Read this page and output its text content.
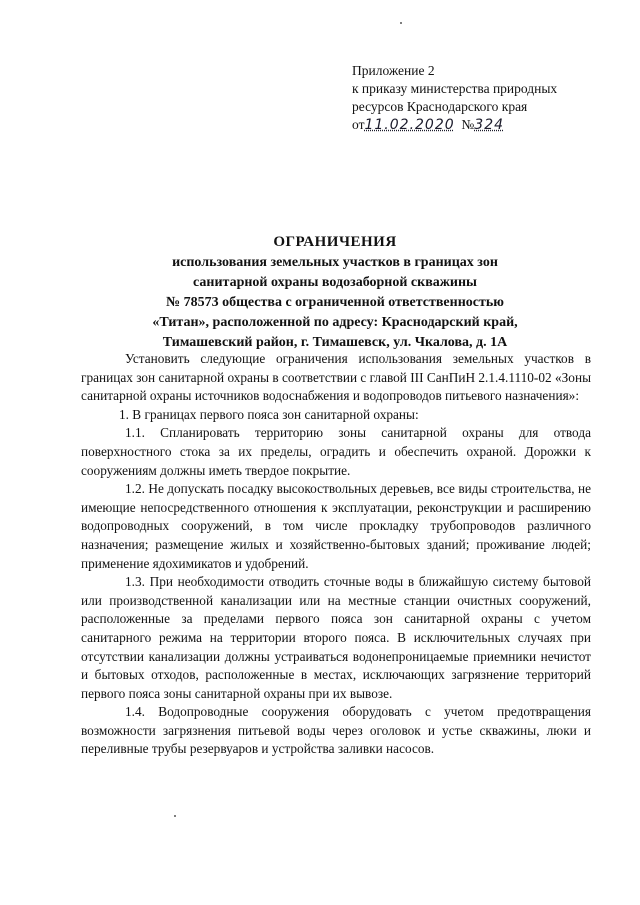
Приложение 2
к приказу министерства природных
ресурсов Краснодарского края
от11.02.2020 №324
ОГРАНИЧЕНИЯ
использования земельных участков в границах зон
санитарной охраны водозаборной скважины
№ 78573 общества с ограниченной ответственностью
«Титан», расположенной по адресу: Краснодарский край,
Тимашевский район, г. Тимашевск, ул. Чкалова, д. 1А

Установить следующие ограничения использования земельных участков в границах зон санитарной охраны в соответствии с главой III СанПиН 2.1.4.1110-02 «Зоны санитарной охраны источников водоснабжения и водопроводов питьевого назначения»:

1. В границах первого пояса зон санитарной охраны:

1.1. Спланировать территорию зоны санитарной охраны для отвода поверхностного стока за их пределы, оградить и обеспечить охраной. Дорожки к сооружениям должны иметь твердое покрытие.

1.2. Не допускать посадку высокоствольных деревьев, все виды строительства, не имеющие непосредственного отношения к эксплуатации, реконструкции и расширению водопроводных сооружений, в том числе прокладку трубопроводов различного назначения; размещение жилых и хозяйственно-бытовых зданий; проживание людей; применение ядохимикатов и удобрений.

1.3. При необходимости отводить сточные воды в ближайшую систему бытовой или производственной канализации или на местные станции очистных сооружений, расположенные за пределами первого пояса зон санитарной охраны с учетом санитарного режима на территории второго пояса. В исключительных случаях при отсутствии канализации должны устраиваться водонепроницаемые приемники нечистот и бытовых отходов, расположенные в местах, исключающих загрязнение территорий первого пояса зоны санитарной охраны при их вывозе.

1.4. Водопроводные сооружения оборудовать с учетом предотвращения возможности загрязнения питьевой воды через оголовок и устье скважины, люки и переливные трубы резервуаров и устройства заливки насосов.
